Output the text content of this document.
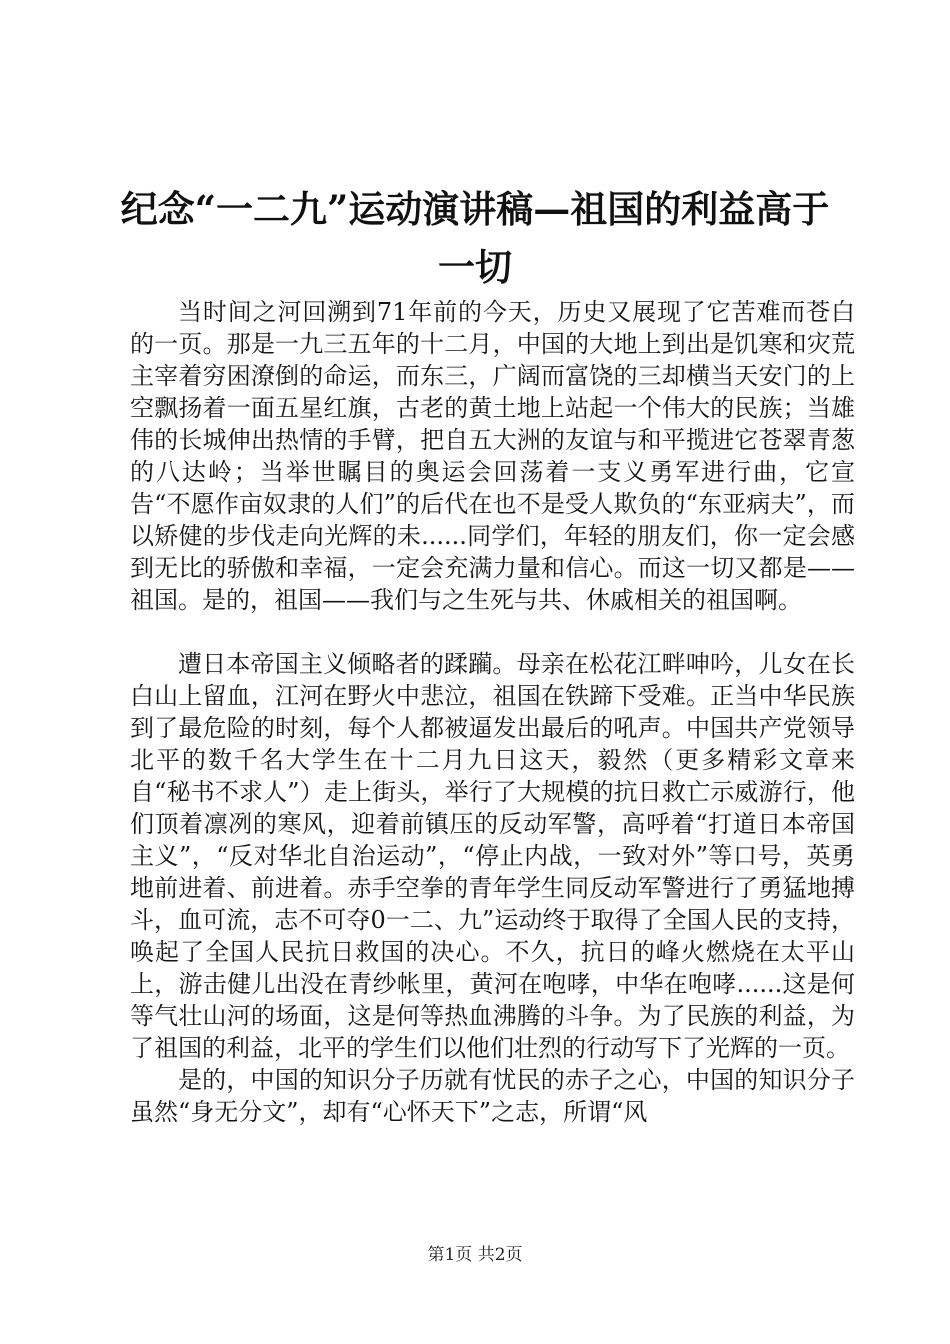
纪念“一二九”运动演讲稿—祖国的利益高于一切

当时间之河回溯到71年前的今天，历史又展现了它苦难而苍白的一页。那是一九三五年的十二月，中国的大地上到出是饥寒和灾荒主宰着穷困潦倒的命运，而东三，广阔而富饶的三却横当天安门的上空飘扬着一面五星红旗，古老的黄土地上站起一个伟大的民族；当雄伟的长城伸出热情的手臂，把自五大洲的友谊与和平揽进它苍翠青葱的八达岭；当举世瞩目的奥运会回荡着一支义勇军进行曲，它宣告“不愿作亩奴隶的人们”的后代在也不是受人欺负的“东亚病夫”，而以矫健的步伐走向光辉的未......同学们，年轻的朋友们，你一定会感到无比的骄傲和幸福，一定会充满力量和信心。而这一切又都是——祖国。是的，祖国——我们与之生死与共、休戚相关的祖国啊。

遭日本帝国主义倾略者的蹂躏。母亲在松花江畔呻吟，儿女在长白山上留血，江河在野火中悲泣，祖国在铁蹄下受难。正当中华民族到了最危险的时刻，每个人都被逼发出最后的吼声。中国共产党领导北平的数千名大学生在十二月九日这天，毅然（更多精彩文章来自“秘书不求人”）走上街头，举行了大规模的抗日救亡示威游行，他们顶着凛冽的寒风，迎着前镇压的反动军警，高呼着“打道日本帝国主义”，“反对华北自治运动”，“停止内战，一致对外”等口号，英勇地前进着、前进着。赤手空拳的青年学生同反动军警进行了勇猛地搏斗，血可流，志不可夺0一二、九”运动终于取得了全国人民的支持，唤起了全国人民抗日救国的决心。不久，抗日的峰火燃烧在太平山上，游击健儿出没在青纱帐里，黄河在咆哮，中华在咆哮......这是何等气壮山河的场面，这是何等热血沸腾的斗争。为了民族的利益，为了祖国的利益，北平的学生们以他们壮烈的行动写下了光辉的一页。

是的，中国的知识分子历就有忧民的赤子之心，中国的知识分子虽然“身无分文”，却有“心怀天下”之志，所谓“风

第1页 共2页
